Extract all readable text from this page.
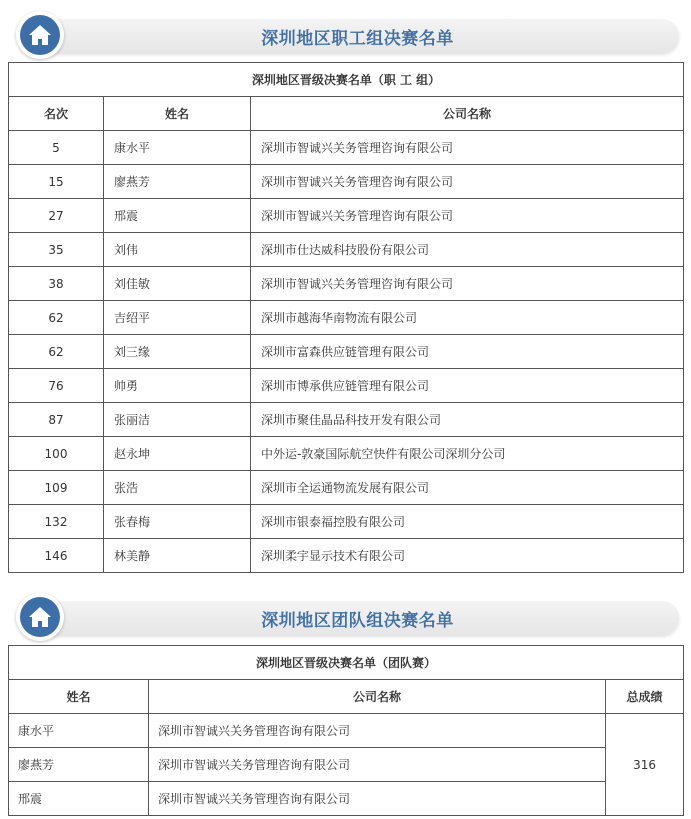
深圳地区职工组决赛名单
深圳地区晋级决赛名单（职 工 组）		
名次	姓名	公司名称
5	康水平	深圳市智诚兴关务管理咨询有限公司
15	廖燕芳	深圳市智诚兴关务管理咨询有限公司
27	邢震	深圳市智诚兴关务管理咨询有限公司
35	刘伟	深圳市仕达威科技股份有限公司
38	刘佳敏	深圳市智诚兴关务管理咨询有限公司
62	吉绍平	深圳市越海华南物流有限公司
62	刘三缘	深圳市富森供应链管理有限公司
76	帅勇	深圳市博承供应链管理有限公司
87	张丽洁	深圳市聚佳晶品科技开发有限公司
100	赵永坤	中外运-敦豪国际航空快件有限公司深圳分公司
109	张浩	深圳市全运通物流发展有限公司
132	张春梅	深圳市银泰福控股有限公司
146	林美静	深圳柔宇显示技术有限公司
深圳地区团队组决赛名单
深圳地区晋级决赛名单（团队赛）		
姓名	公司名称	总成绩
康水平	深圳市智诚兴关务管理咨询有限公司	316
廖燕芳	深圳市智诚兴关务管理咨询有限公司	
邢震	深圳市智诚兴关务管理咨询有限公司	
